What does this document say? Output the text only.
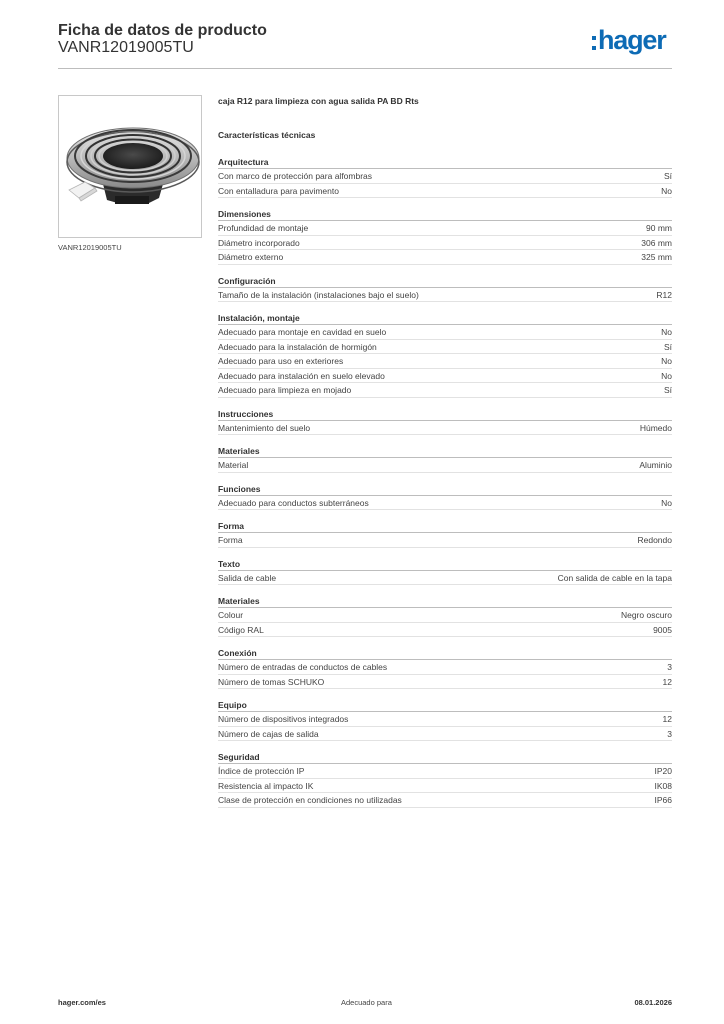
Ficha de datos de producto
VANR12019005TU	hager
VANR12019005TU
caja R12 para limpieza con agua salida PA BD Rts
Características técnicas
Arquitectura
Con marco de protección para alfombras	Sí
Con entalladura para pavimento	No
Dimensiones
Profundidad de montaje	90 mm
Diámetro incorporado	306 mm
Diámetro externo	325 mm
Configuración
Tamaño de la instalación (instalaciones bajo el suelo)	R12
Instalación, montaje
Adecuado para montaje en cavidad en suelo	No
Adecuado para la instalación de hormigón	Sí
Adecuado para uso en exteriores	No
Adecuado para instalación en suelo elevado	No
Adecuado para limpieza en mojado	Sí
Instrucciones
Mantenimiento del suelo	Húmedo
Materiales
Material	Aluminio
Funciones
Adecuado para conductos subterráneos	No
Forma
Forma	Redondo
Texto
Salida de cable	Con salida de cable en la tapa
Materiales
Colour	Negro oscuro
Código RAL	9005
Conexión
Número de entradas de conductos de cables	3
Número de tomas SCHUKO	12
Equipo
Número de dispositivos integrados	12
Número de cajas de salida	3
Seguridad
Índice de protección IP	IP20
Resistencia al impacto IK	IK08
Clase de protección en condiciones no utilizadas	IP66
hager.com/es	Adecuado para	08.01.2026
